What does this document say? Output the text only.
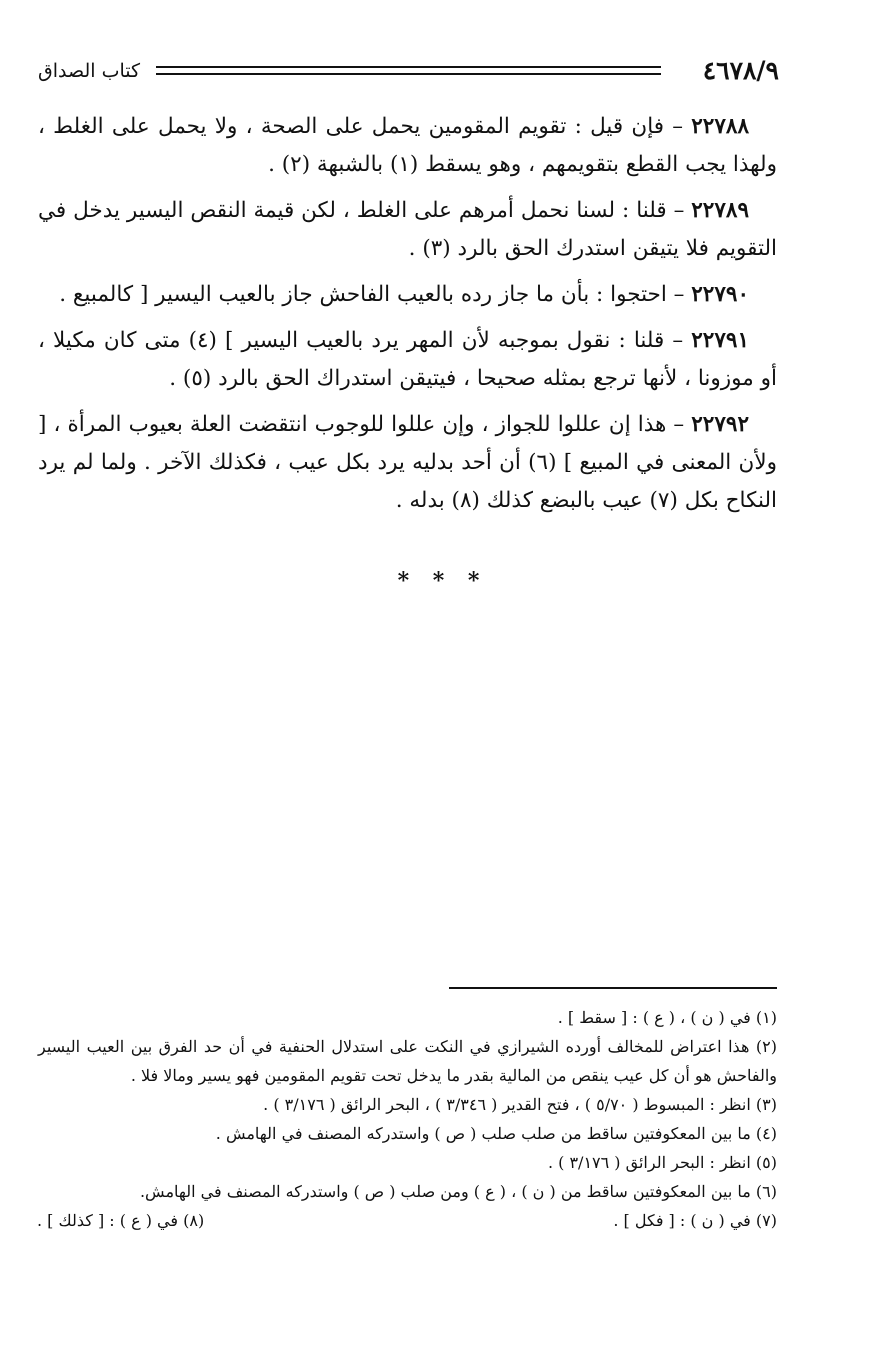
٤٦٧٨/٩
كتاب الصداق

٢٢٧٨٨ – فإن قيل : تقويم المقومين يحمل على الصحة ، ولا يحمل على الغلط ، ولهذا يجب القطع بتقويمهم ، وهو يسقط (١) بالشبهة (٢) .

٢٢٧٨٩ – قلنا : لسنا نحمل أمرهم على الغلط ، لكن قيمة النقص اليسير يدخل في التقويم فلا يتيقن استدرك الحق بالرد (٣) .

٢٢٧٩٠ – احتجوا : بأن ما جاز رده بالعيب الفاحش جاز بالعيب اليسير [ كالمبيع .

٢٢٧٩١ – قلنا : نقول بموجبه لأن المهر يرد بالعيب اليسير ] (٤) متى كان مكيلا ، أو موزونا ، لأنها ترجع بمثله صحيحا ، فيتيقن استدراك الحق بالرد (٥) .

٢٢٧٩٢ – هذا إن عللوا للجواز ، وإن عللوا للوجوب انتقضت العلة بعيوب المرأة ، [ ولأن المعنى في المبيع ] (٦) أن أحد بدليه يرد بكل عيب ، فكذلك الآخر . ولما لم يرد النكاح بكل (٧) عيب بالبضع كذلك (٨) بدله .

* * *

(١) في ( ن ) ، ( ع ) : [ سقط ] .

(٢) هذا اعتراض للمخالف أورده الشيرازي في النكت على استدلال الحنفية في أن حد الفرق بين العيب اليسير والفاحش هو أن كل عيب ينقص من المالية بقدر ما يدخل تحت تقويم المقومين فهو يسير ومالا فلا .

(٣) انظر : المبسوط ( ٥/٧٠ ) ، فتح القدير ( ٣/٣٤٦ ) ، البحر الرائق ( ٣/١٧٦ ) .

(٤) ما بين المعكوفتين ساقط من صلب صلب ( ص ) واستدركه المصنف في الهامش .

(٥) انظر : البحر الرائق ( ٣/١٧٦ ) .

(٦) ما بين المعكوفتين ساقط من ( ن ) ، ( ع ) ومن صلب ( ص ) واستدركه المصنف في الهامش.

(٧) في ( ن ) : [ فكل ] .
(٨) في ( ع ) : [ كذلك ] .
